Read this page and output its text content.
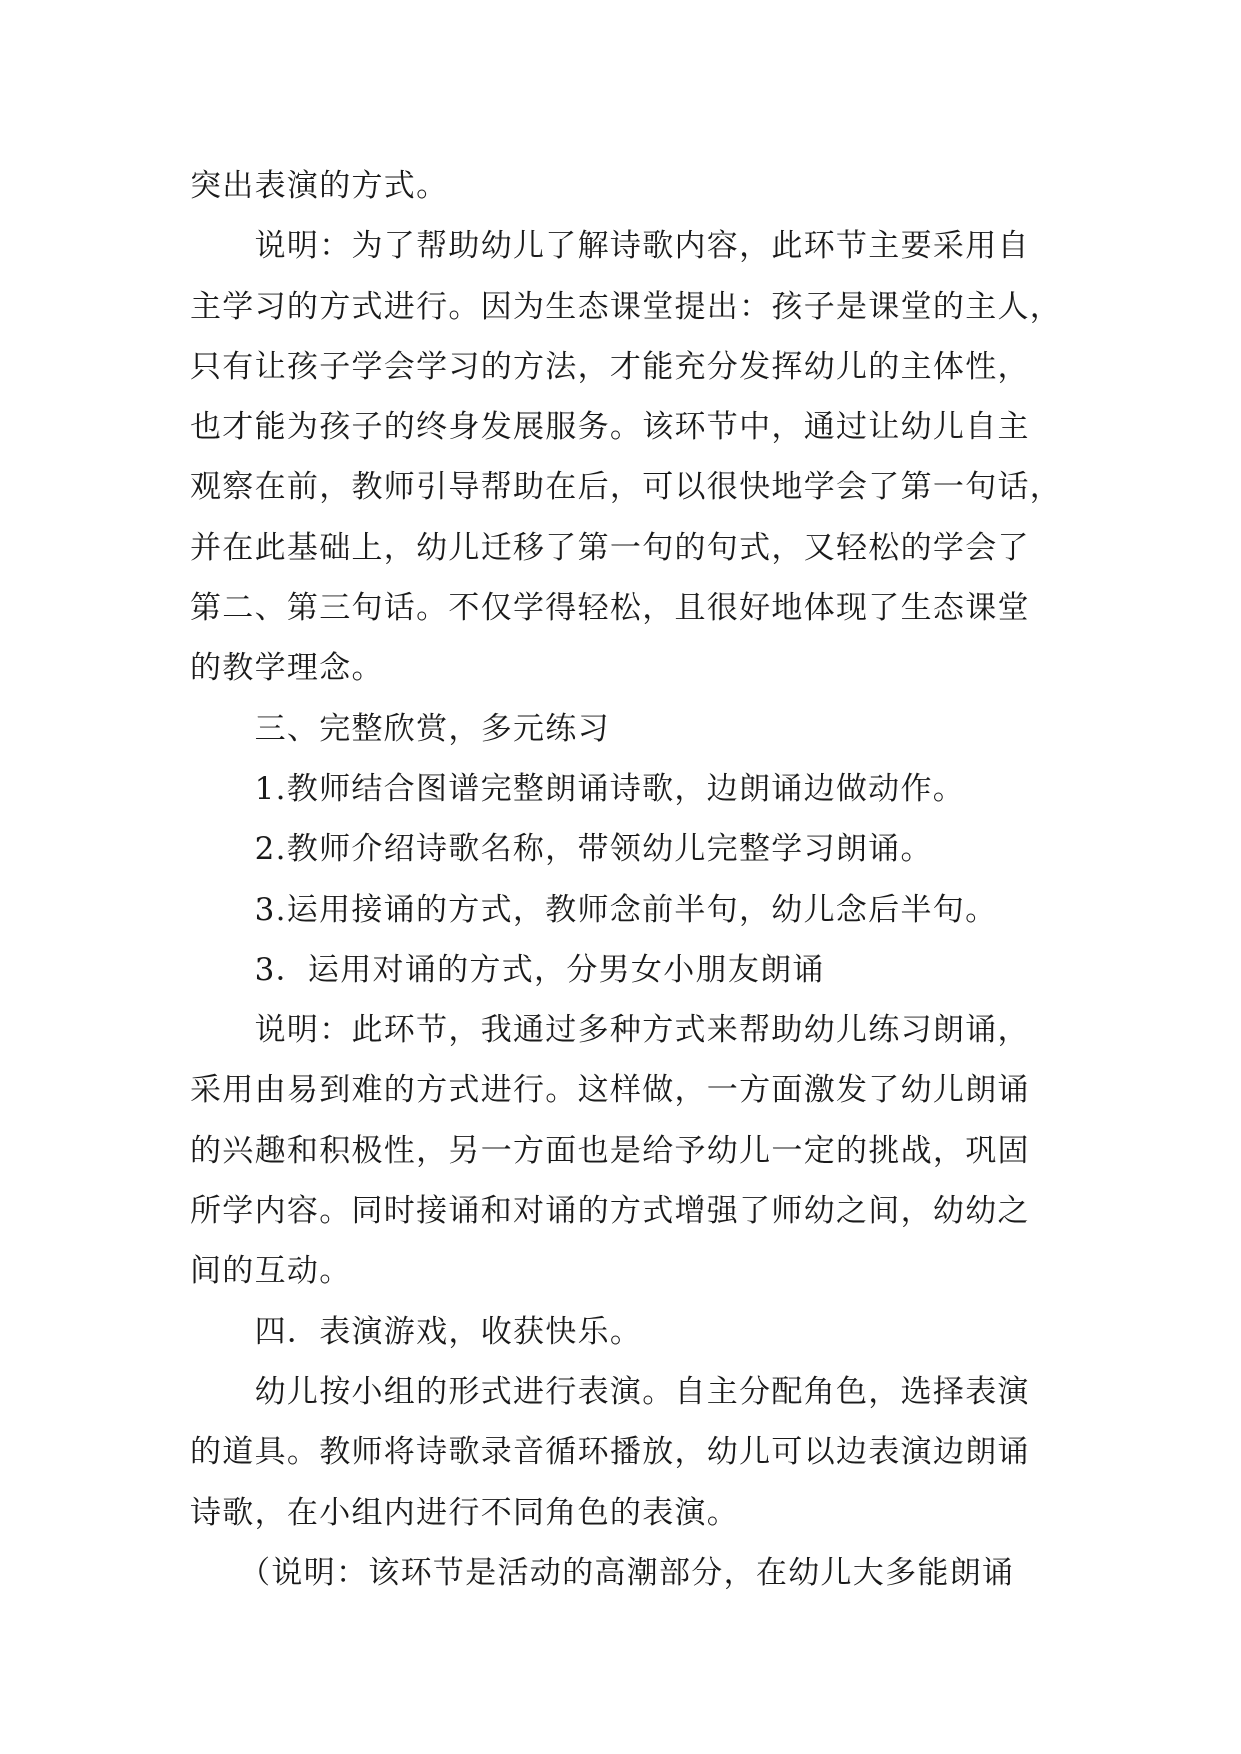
突出表演的方式。
　　说明：为了帮助幼儿了解诗歌内容，此环节主要采用自
主学习的方式进行。因为生态课堂提出：孩子是课堂的主人，
只有让孩子学会学习的方法，才能充分发挥幼儿的主体性，
也才能为孩子的终身发展服务。该环节中，通过让幼儿自主
观察在前，教师引导帮助在后，可以很快地学会了第一句话，
并在此基础上，幼儿迁移了第一句的句式，又轻松的学会了
第二、第三句话。不仅学得轻松，且很好地体现了生态课堂
的教学理念。
　　三、完整欣赏，多元练习
　　1.教师结合图谱完整朗诵诗歌，边朗诵边做动作。
　　2.教师介绍诗歌名称，带领幼儿完整学习朗诵。
　　3.运用接诵的方式，教师念前半句，幼儿念后半句。
　　3．运用对诵的方式，分男女小朋友朗诵
　　说明：此环节，我通过多种方式来帮助幼儿练习朗诵，
采用由易到难的方式进行。这样做，一方面激发了幼儿朗诵
的兴趣和积极性，另一方面也是给予幼儿一定的挑战，巩固
所学内容。同时接诵和对诵的方式增强了师幼之间，幼幼之
间的互动。
　　四．表演游戏，收获快乐。
　　幼儿按小组的形式进行表演。自主分配角色，选择表演
的道具。教师将诗歌录音循环播放，幼儿可以边表演边朗诵
诗歌，在小组内进行不同角色的表演。
　　（说明：该环节是活动的高潮部分，在幼儿大多能朗诵
